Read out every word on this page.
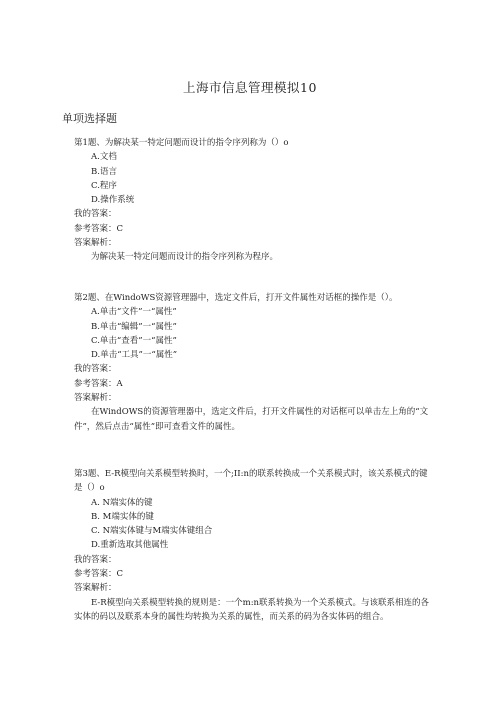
上海市信息管理模拟10
单项选择题

第1题、为解决某一特定问题而设计的指令序列称为（）o

A.文档

B.语言

C.程序

D.操作系统

我的答案：

参考答案：C

答案解析：

为解决某一特定问题而设计的指令序列称为程序。

第2题、在WindoWS资源管理器中，选定文件后，打开文件属性对话框的操作是（）。

A.单击“文件”一“属性”

B.单击“编辑”一“属性”

C.单击“查看”一“属性”

D.单击“工具”一“属性”

我的答案：

参考答案：A

答案解析：

在WindOWS的资源管理器中，选定文件后，打开文件属性的对话框可以单击左上角的“文件”，然后点击“属性”即可查看文件的属性。

第3题、E-R模型向关系模型转换时，一个;II:n的联系转换成一个关系模式时，该关系模式的键是（）o

A. N端实体的键

B. M端实体的键

C. N端实体键与M端实体键组合

D.重新选取其他属性

我的答案：

参考答案：C

答案解析：

E-R模型向关系模型转换的规则是：一个m:n联系转换为一个关系模式。与该联系相连的各实体的码以及联系本身的属性均转换为关系的属性，而关系的码为各实体码的组合。
